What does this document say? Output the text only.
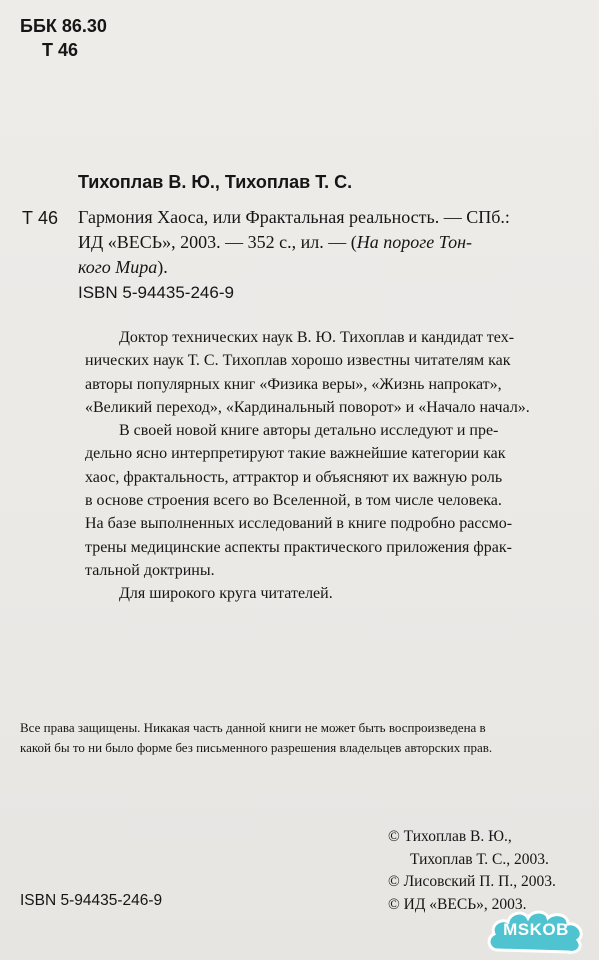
ББК 86.30
Т 46
Тихоплав В. Ю., Тихоплав Т. С.
Т 46 Гармония Хаоса, или Фрактальная реальность. — СПб.:
ИД «ВЕСЬ», 2003. — 352 с., ил. — (На пороге Тон-
кого Мира).
ISBN 5-94435-246-9
Доктор технических наук В. Ю. Тихоплав и кандидат тех-
нических наук Т. С. Тихоплав хорошо известны читателям как
авторы популярных книг «Физика веры», «Жизнь напрокат»,
«Великий переход», «Кардинальный поворот» и «Начало начал».
В своей новой книге авторы детально исследуют и пре-
дельно ясно интерпретируют такие важнейшие категории как
хаос, фрактальность, аттрактор и объясняют их важную роль
в основе строения всего во Вселенной, в том числе человека.
На базе выполненных исследований в книге подробно рассмо-
трены медицинские аспекты практического приложения фрак-
тальной доктрины.
Для широкого круга читателей.
Все права защищены. Никакая часть данной книги не может быть воспроизведена в
какой бы то ни было форме без письменного разрешения владельцев авторских прав.
© Тихоплав В. Ю.,
Тихоплав Т. С., 2003.
© Лисовский П. П., 2003.
© ИД «ВЕСЬ», 2003.
ISBN 5-94435-246-9
MSKOB
